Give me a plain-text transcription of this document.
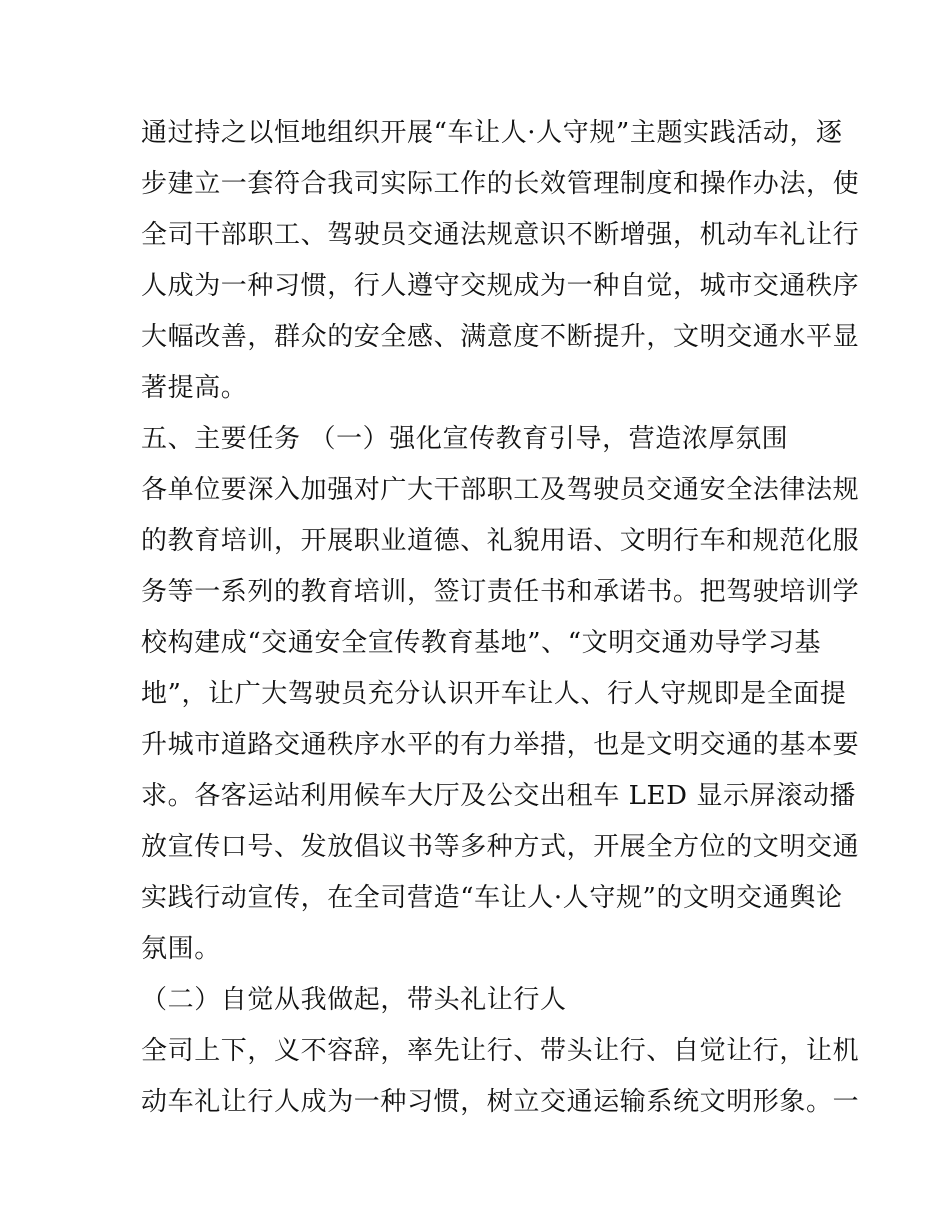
通过持之以恒地组织开展“车让人·人守规”主题实践活动，逐
步建立一套符合我司实际工作的长效管理制度和操作办法，使
全司干部职工、驾驶员交通法规意识不断增强，机动车礼让行
人成为一种习惯，行人遵守交规成为一种自觉，城市交通秩序
大幅改善，群众的安全感、满意度不断提升，文明交通水平显
著提高。
五、主要任务 （一）强化宣传教育引导，营造浓厚氛围
各单位要深入加强对广大干部职工及驾驶员交通安全法律法规
的教育培训，开展职业道德、礼貌用语、文明行车和规范化服
务等一系列的教育培训，签订责任书和承诺书。把驾驶培训学
校构建成“交通安全宣传教育基地”、“文明交通劝导学习基
地”，让广大驾驶员充分认识开车让人、行人守规即是全面提
升城市道路交通秩序水平的有力举措，也是文明交通的基本要
求。各客运站利用候车大厅及公交出租车 LED 显示屏滚动播
放宣传口号、发放倡议书等多种方式，开展全方位的文明交通
实践行动宣传，在全司营造“车让人·人守规”的文明交通舆论
氛围。
（二）自觉从我做起，带头礼让行人
全司上下，义不容辞，率先让行、带头让行、自觉让行，让机
动车礼让行人成为一种习惯，树立交通运输系统文明形象。一
